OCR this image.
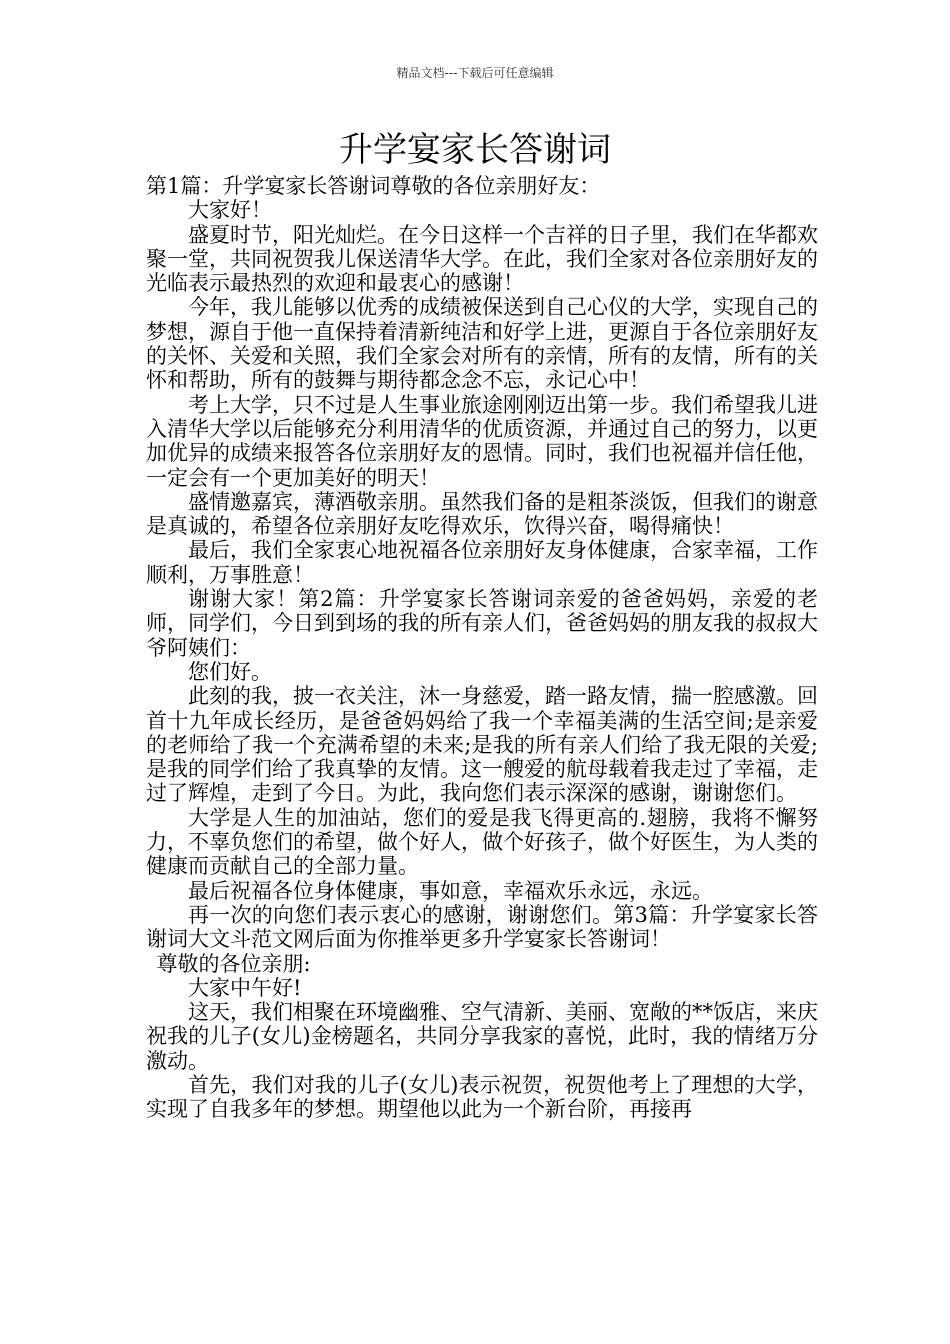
精品文档---下载后可任意编辑
升学宴家长答谢词

第1篇：升学宴家长答谢词尊敬的各位亲朋好友：

大家好！

盛夏时节，阳光灿烂。在今日这样一个吉祥的日子里，我们在华都欢聚一堂，共同祝贺我儿保送清华大学。在此，我们全家对各位亲朋好友的光临表示最热烈的欢迎和最衷心的感谢！

今年，我儿能够以优秀的成绩被保送到自己心仪的大学，实现自己的梦想，源自于他一直保持着清新纯洁和好学上进，更源自于各位亲朋好友的关怀、关爱和关照，我们全家会对所有的亲情，所有的友情，所有的关怀和帮助，所有的鼓舞与期待都念念不忘，永记心中！

考上大学，只不过是人生事业旅途刚刚迈出第一步。我们希望我儿进入清华大学以后能够充分利用清华的优质资源，并通过自己的努力，以更加优异的成绩来报答各位亲朋好友的恩情。同时，我们也祝福并信任他，一定会有一个更加美好的明天！

盛情邀嘉宾，薄酒敬亲朋。虽然我们备的是粗茶淡饭，但我们的谢意是真诚的，希望各位亲朋好友吃得欢乐，饮得兴奋，喝得痛快！

最后，我们全家衷心地祝福各位亲朋好友身体健康，合家幸福，工作顺利，万事胜意！

谢谢大家！第2篇：升学宴家长答谢词亲爱的爸爸妈妈，亲爱的老师，同学们，今日到到场的我的所有亲人们，爸爸妈妈的朋友我的叔叔大爷阿姨们：

您们好。

此刻的我，披一衣关注，沐一身慈爱，踏一路友情，揣一腔感激。回首十九年成长经历，是爸爸妈妈给了我一个幸福美满的生活空间;是亲爱的老师给了我一个充满希望的未来;是我的所有亲人们给了我无限的关爱;是我的同学们给了我真挚的友情。这一艘爱的航母载着我走过了幸福，走过了辉煌，走到了今日。为此，我向您们表示深深的感谢，谢谢您们。

大学是人生的加油站，您们的爱是我飞得更高的.翅膀，我将不懈努力，不辜负您们的希望，做个好人，做个好孩子，做个好医生，为人类的健康而贡献自己的全部力量。

最后祝福各位身体健康，事如意，幸福欢乐永远，永远。

再一次的向您们表示衷心的感谢，谢谢您们。第3篇：升学宴家长答谢词大文斗范文网后面为你推举更多升学宴家长答谢词！

尊敬的各位亲朋:

大家中午好!

这天，我们相聚在环境幽雅、空气清新、美丽、宽敞的**饭店，来庆祝我的儿子(女儿)金榜题名，共同分享我家的喜悦，此时，我的情绪万分激动。

首先，我们对我的儿子(女儿)表示祝贺，祝贺他考上了理想的大学，实现了自我多年的梦想。期望他以此为一个新台阶，再接再
